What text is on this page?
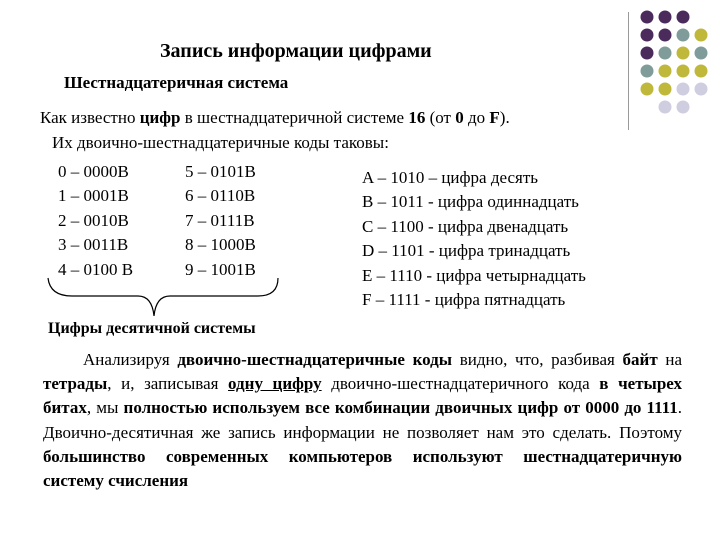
Запись информации цифрами
Шестнадцатеричная система
Как известно цифр в шестнадцатеричной системе 16 (от 0 до F).
Их двоично-шестнадцатеричные коды таковы:
0 – 0000B
1 – 0001B
2 – 0010B
3 – 0011B
4 – 0100 B
5 – 0101B
6 – 0110B
7 – 0111B
8 – 1000B
9 – 1001B
A – 1010 – цифра десять
B – 1011 - цифра одиннадцать
C – 1100 - цифра двенадцать
D – 1101 - цифра тринадцать
E – 1110 - цифра четырнадцать
F – 1111 - цифра пятнадцать
Цифры десятичной системы
Анализируя двоично-шестнадцатеричные коды видно, что, разбивая байт на тетрады, и, записывая одну цифру двоично-шестнадцатеричного кода в четырех битах, мы полностью используем все комбинации двоичных цифр от 0000 до 1111. Двоично-десятичная же запись информации не позволяет нам это сделать. Поэтому большинство современных компьютеров используют шестнадцатеричную систему счисления
